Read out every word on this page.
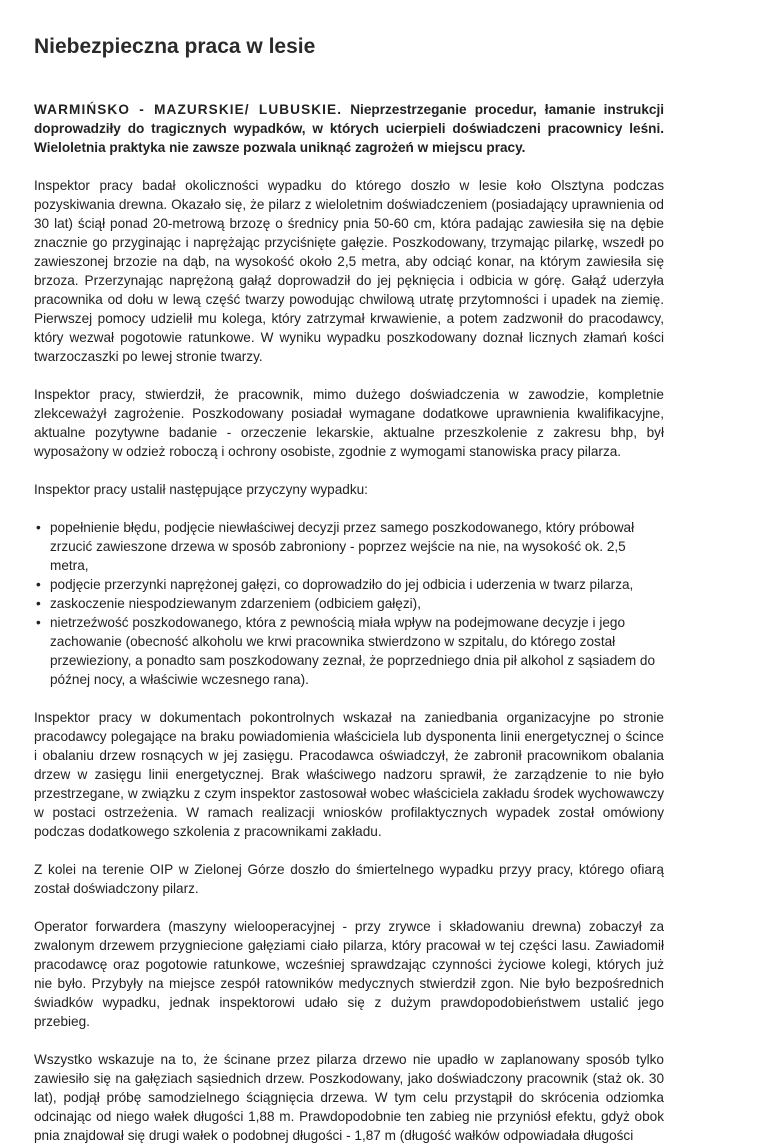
Niebezpieczna praca w lesie

WARMIŃSKO - MAZURSKIE/ LUBUSKIE. Nieprzestrzeganie procedur, łamanie instrukcji doprowadziły do tragicznych wypadków, w których ucierpieli doświadczeni pracownicy leśni. Wieloletnia praktyka nie zawsze pozwala uniknąć zagrożeń w miejscu pracy.

Inspektor pracy badał okoliczności wypadku do którego doszło w lesie koło Olsztyna podczas pozyskiwania drewna. Okazało się, że pilarz z wieloletnim doświadczeniem (posiadający uprawnienia od 30 lat) ściął ponad 20-metrową brzozę o średnicy pnia 50-60 cm, która padając zawiesiła się na dębie znacznie go przyginając i naprężając przyciśnięte gałęzie. Poszkodowany, trzymając pilarkę, wszedł po zawieszonej brzozie na dąb, na wysokość około 2,5 metra, aby odciąć konar, na którym zawiesiła się brzoza. Przerzynając naprężoną gałąź doprowadził do jej pęknięcia i odbicia w górę. Gałąź uderzyła pracownika od dołu w lewą część twarzy powodując chwilową utratę przytomności i upadek na ziemię. Pierwszej pomocy udzielił mu kolega, który zatrzymał krwawienie, a potem zadzwonił do pracodawcy, który wezwał pogotowie ratunkowe. W wyniku wypadku poszkodowany doznał licznych złamań kości twarzoczaszki po lewej stronie twarzy.

Inspektor pracy, stwierdził, że pracownik, mimo dużego doświadczenia w zawodzie, kompletnie zlekceważył zagrożenie. Poszkodowany posiadał wymagane dodatkowe uprawnienia kwalifikacyjne, aktualne pozytywne badanie - orzeczenie lekarskie, aktualne przeszkolenie z zakresu bhp, był wyposażony w odzież roboczą i ochrony osobiste, zgodnie z wymogami stanowiska pracy pilarza.

Inspektor pracy ustalił następujące przyczyny wypadku:

• popełnienie błędu, podjęcie niewłaściwej decyzji przez samego poszkodowanego, który próbował zrzucić zawieszone drzewa w sposób zabroniony - poprzez wejście na nie, na wysokość ok. 2,5 metra,
• podjęcie przerzynki naprężonej gałęzi, co doprowadziło do jej odbicia i uderzenia w twarz pilarza,
• zaskoczenie niespodziewanym zdarzeniem (odbiciem gałęzi),
• nietrzeźwość poszkodowanego, która z pewnością miała wpływ na podejmowane decyzje i jego zachowanie (obecność alkoholu we krwi pracownika stwierdzono w szpitalu, do którego został przewieziony, a ponadto sam poszkodowany zeznał, że poprzedniego dnia pił alkohol z sąsiadem do późnej nocy, a właściwie wczesnego rana).

Inspektor pracy w dokumentach pokontrolnych wskazał na zaniedbania organizacyjne po stronie pracodawcy polegające na braku powiadomienia właściciela lub dysponenta linii energetycznej o ścince i obalaniu drzew rosnących w jej zasięgu. Pracodawca oświadczył, że zabronił pracownikom obalania drzew w zasięgu linii energetycznej. Brak właściwego nadzoru sprawił, że zarządzenie to nie było przestrzegane, w związku z czym inspektor zastosował wobec właściciela zakładu środek wychowawczy w postaci ostrzeżenia. W ramach realizacji wniosków profilaktycznych wypadek został omówiony podczas dodatkowego szkolenia z pracownikami zakładu.

Z kolei na terenie OIP w Zielonej Górze doszło do śmiertelnego wypadku przyy pracy, którego ofiarą został doświadczony pilarz.

Operator forwardera (maszyny wielooperacyjnej - przy zrywce i składowaniu drewna) zobaczył za zwalonym drzewem przygniecione gałęziami ciało pilarza, który pracował w tej części lasu. Zawiadomił pracodawcę oraz pogotowie ratunkowe, wcześniej sprawdzając czynności życiowe kolegi, których już nie było. Przybyły na miejsce zespół ratowników medycznych stwierdził zgon. Nie było bezpośrednich świadków wypadku, jednak inspektorowi udało się z dużym prawdopodobieństwem ustalić jego przebieg.

Wszystko wskazuje na to, że ścinane przez pilarza drzewo nie upadło w zaplanowany sposób tylko zawiesiło się na gałęziach sąsiednich drzew. Poszkodowany, jako doświadczony pracownik (staż ok. 30 lat), podjął próbę samodzielnego ściągnięcia drzewa. W tym celu przystąpił do skrócenia odziomka odcinając od niego wałek długości 1,88 m. Prawdopodobnie ten zabieg nie przyniósł efektu, gdyż obok pnia znajdował się drugi wałek o podobnej długości - 1,87 m (długość wałków odpowiadała długości
